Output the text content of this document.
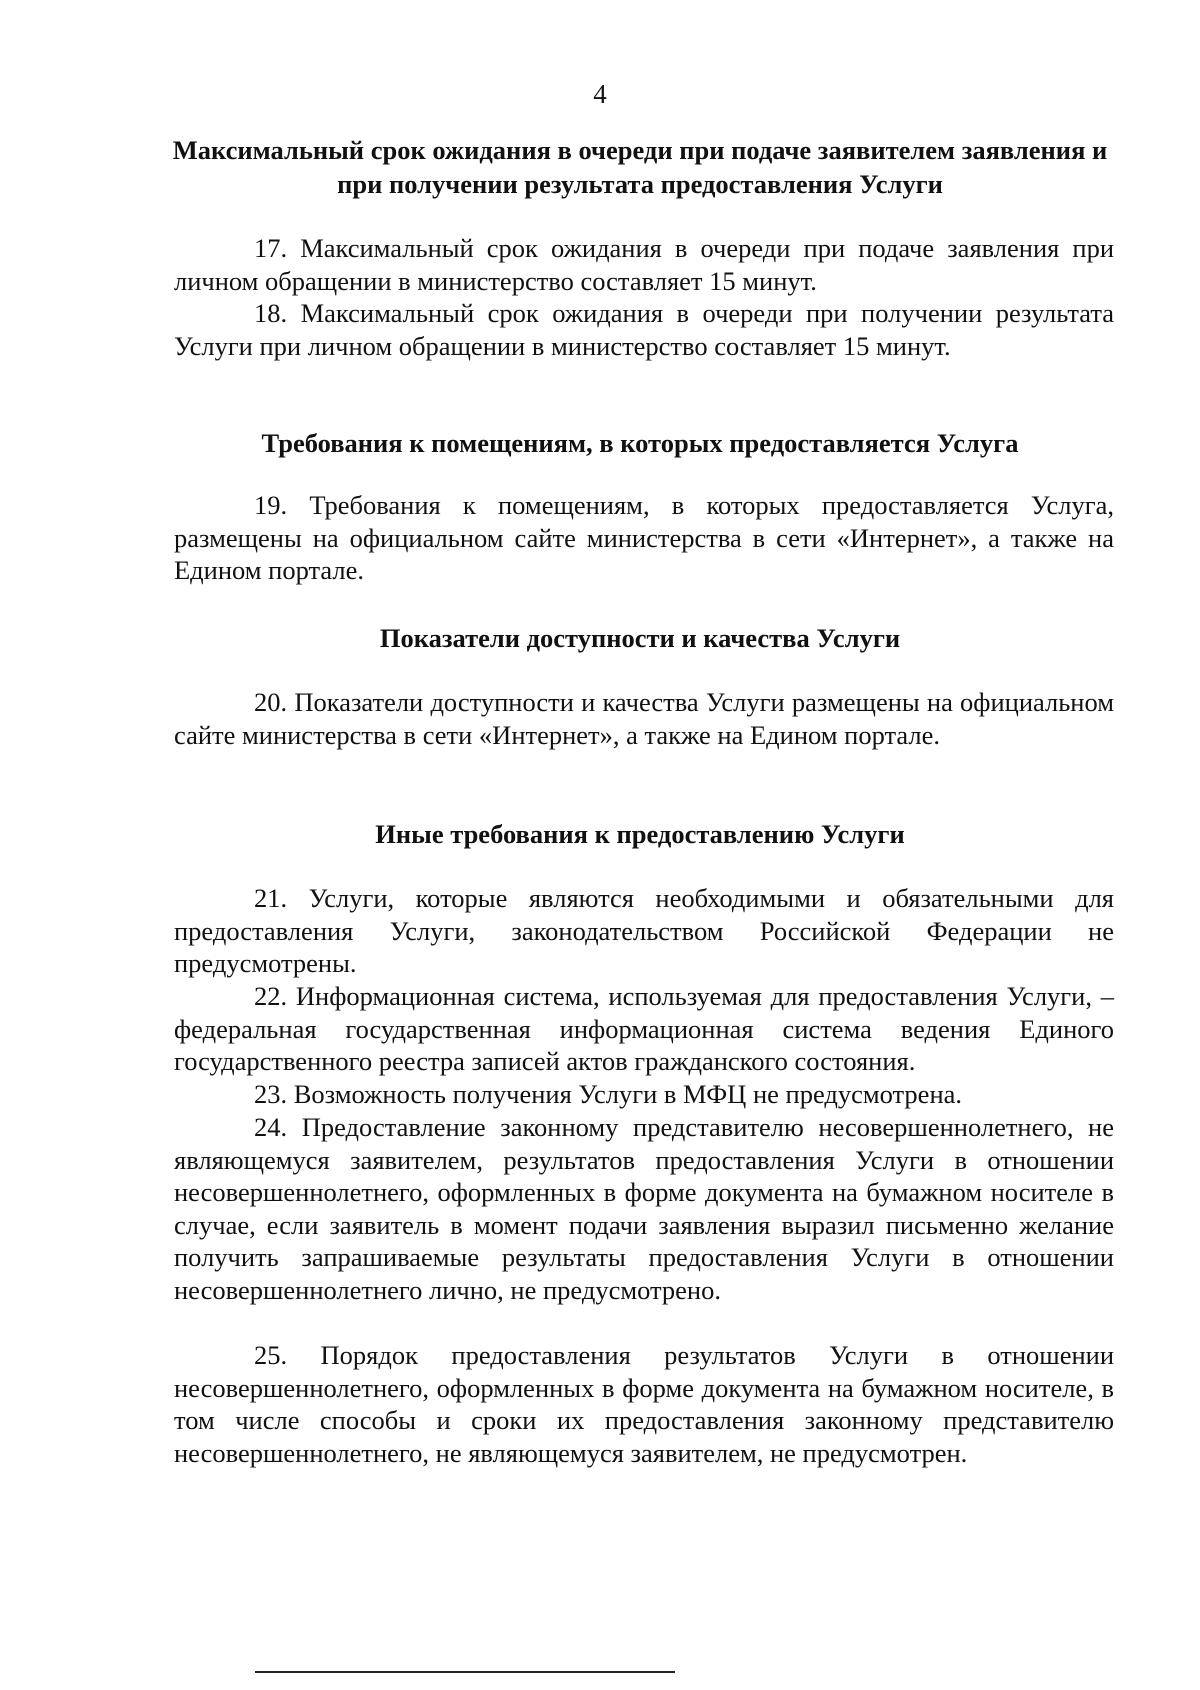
4

Максимальный срок ожидания в очереди при подаче заявителем заявления и при получении результата предоставления Услуги

17. Максимальный срок ожидания в очереди при подаче заявления при личном обращении в министерство составляет 15 минут.

18. Максимальный срок ожидания в очереди при получении результата Услуги при личном обращении в министерство составляет 15 минут.

Требования к помещениям, в которых предоставляется Услуга

19. Требования к помещениям, в которых предоставляется Услуга, размещены на официальном сайте министерства в сети «Интернет», а также на Едином портале.

Показатели доступности и качества Услуги

20. Показатели доступности и качества Услуги размещены на официальном сайте министерства в сети «Интернет», а также на Едином портале.

Иные требования к предоставлению Услуги

21. Услуги, которые являются необходимыми и обязательными для предоставления Услуги, законодательством Российской Федерации не предусмотрены.

22. Информационная система, используемая для предоставления Услуги, – федеральная государственная информационная система ведения Единого государственного реестра записей актов гражданского состояния.

23. Возможность получения Услуги в МФЦ не предусмотрена.

24. Предоставление законному представителю несовершеннолетнего, не являющемуся заявителем, результатов предоставления Услуги в отношении несовершеннолетнего, оформленных в форме документа на бумажном носителе в случае, если заявитель в момент подачи заявления выразил письменно желание получить запрашиваемые результаты предоставления Услуги в отношении несовершеннолетнего лично, не предусмотрено.

25. Порядок предоставления результатов Услуги в отношении несовершеннолетнего, оформленных в форме документа на бумажном носителе, в том числе способы и сроки их предоставления законному представителю несовершеннолетнего, не являющемуся заявителем, не предусмотрен.
